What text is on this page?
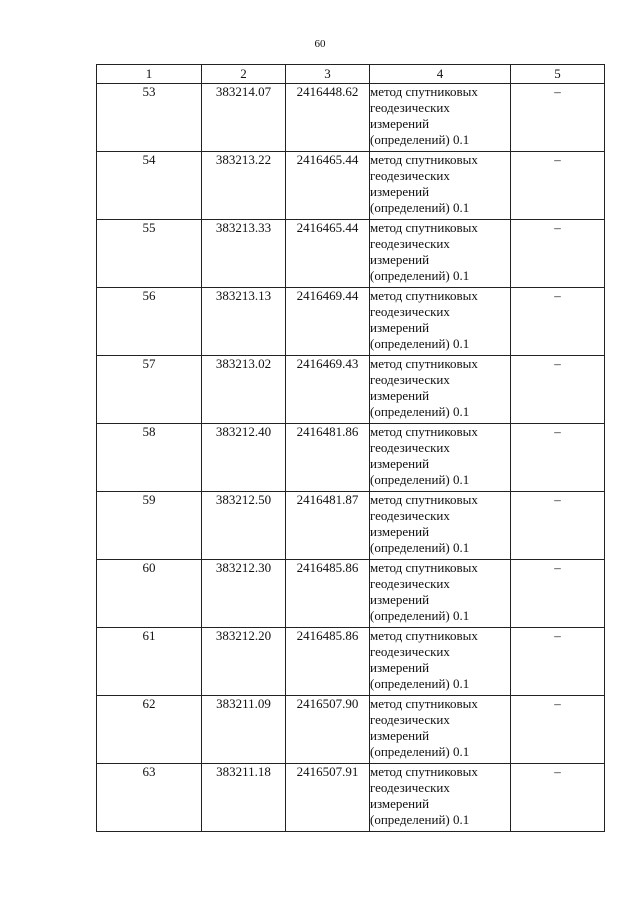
60
1	2	3	4	5
53	383214.07	2416448.62	метод спутниковых
геодезических
измерений
(определений) 0.1	–
54	383213.22	2416465.44	метод спутниковых
геодезических
измерений
(определений) 0.1	–
55	383213.33	2416465.44	метод спутниковых
геодезических
измерений
(определений) 0.1	–
56	383213.13	2416469.44	метод спутниковых
геодезических
измерений
(определений) 0.1	–
57	383213.02	2416469.43	метод спутниковых
геодезических
измерений
(определений) 0.1	–
58	383212.40	2416481.86	метод спутниковых
геодезических
измерений
(определений) 0.1	–
59	383212.50	2416481.87	метод спутниковых
геодезических
измерений
(определений) 0.1	–
60	383212.30	2416485.86	метод спутниковых
геодезических
измерений
(определений) 0.1	–
61	383212.20	2416485.86	метод спутниковых
геодезических
измерений
(определений) 0.1	–
62	383211.09	2416507.90	метод спутниковых
геодезических
измерений
(определений) 0.1	–
63	383211.18	2416507.91	метод спутниковых
геодезических
измерений
(определений) 0.1	–
